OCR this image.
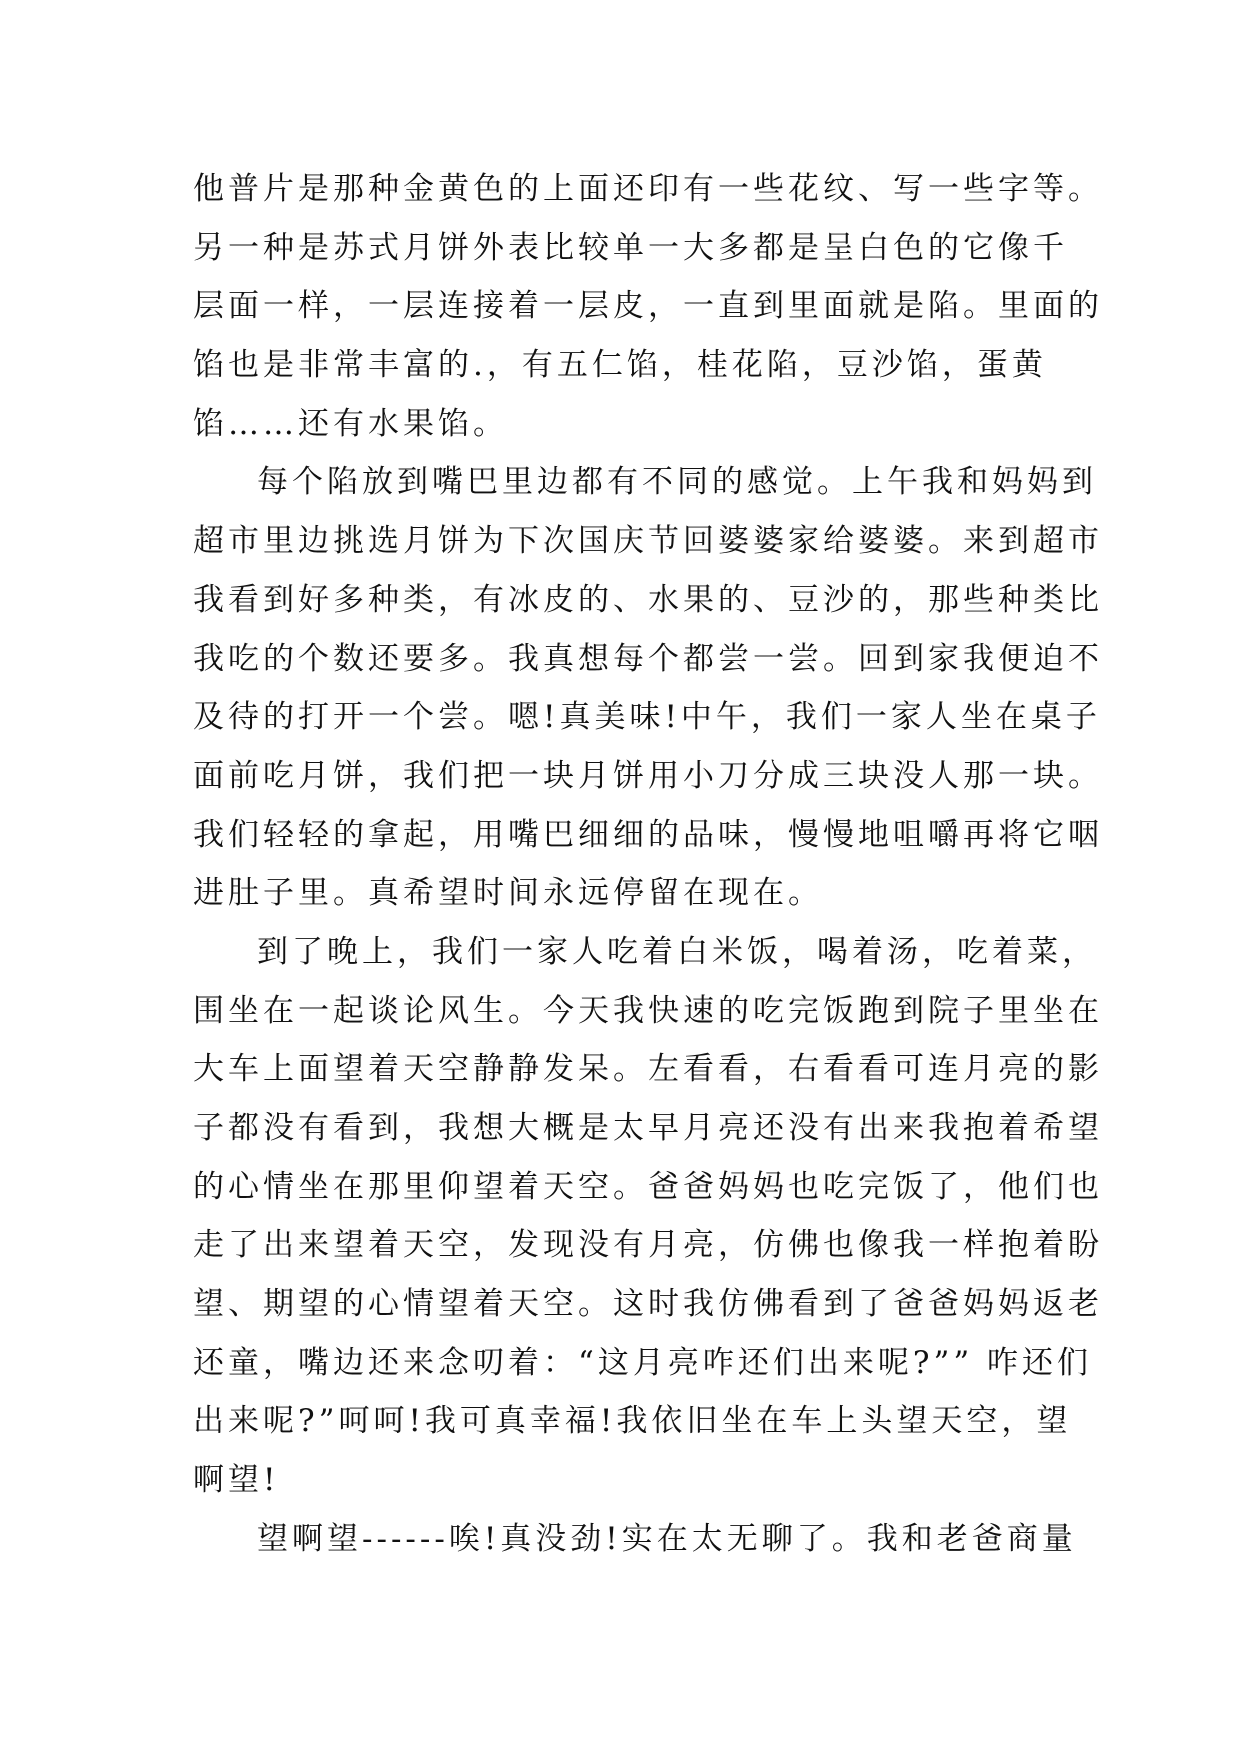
他普片是那种金黄色的上面还印有一些花纹、写一些字等。
另一种是苏式月饼外表比较单一大多都是呈白色的它像千
层面一样，一层连接着一层皮，一直到里面就是陷。里面的
馅也是非常丰富的.，有五仁馅，桂花陷，豆沙馅，蛋黄
馅……还有水果馅。
每个陷放到嘴巴里边都有不同的感觉。上午我和妈妈到
超市里边挑选月饼为下次国庆节回婆婆家给婆婆。来到超市
我看到好多种类，有冰皮的、水果的、豆沙的，那些种类比
我吃的个数还要多。我真想每个都尝一尝。回到家我便迫不
及待的打开一个尝。嗯!真美味!中午，我们一家人坐在桌子
面前吃月饼，我们把一块月饼用小刀分成三块没人那一块。
我们轻轻的拿起，用嘴巴细细的品味，慢慢地咀嚼再将它咽
进肚子里。真希望时间永远停留在现在。
到了晚上，我们一家人吃着白米饭，喝着汤，吃着菜，
围坐在一起谈论风生。今天我快速的吃完饭跑到院子里坐在
大车上面望着天空静静发呆。左看看，右看看可连月亮的影
子都没有看到，我想大概是太早月亮还没有出来我抱着希望
的心情坐在那里仰望着天空。爸爸妈妈也吃完饭了，他们也
走了出来望着天空，发现没有月亮，仿佛也像我一样抱着盼
望、期望的心情望着天空。这时我仿佛看到了爸爸妈妈返老
还童，嘴边还来念叨着：“这月亮咋还们出来呢?”” 咋还们
出来呢?”呵呵!我可真幸福!我依旧坐在车上头望天空，望
啊望!
望啊望------唉!真没劲!实在太无聊了。我和老爸商量
